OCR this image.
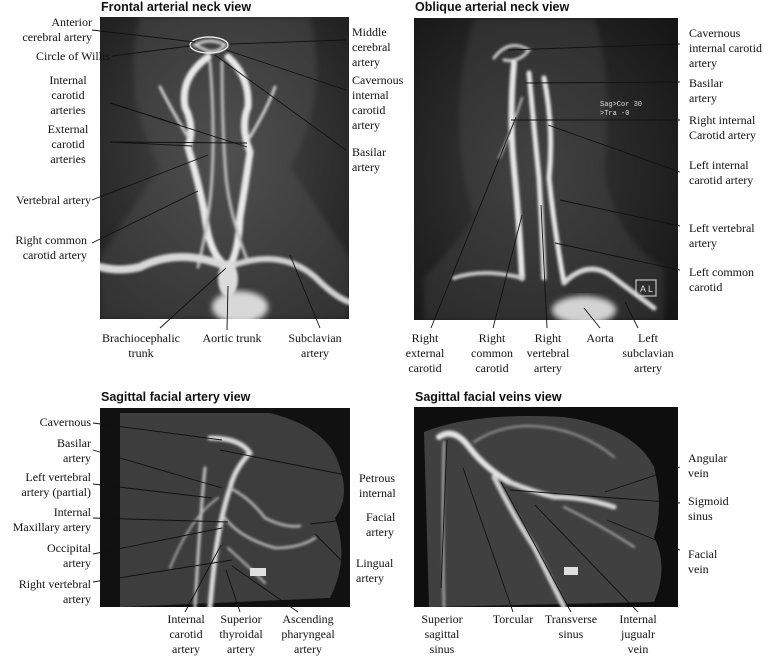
Frontal arterial neck view	Oblique arterial neck view
Sagittal facial artery view	Sagittal facial veins view
Sag>Cor 30
>Tra -0
A L
Anterior
cerebral artery
Circle of Willis
Internal
carotid
arteries
External
carotid
arteries
Vertebral artery
Right common
carotid artery
Middle
cerebral
artery
Cavernous
internal
carotid
artery
Basilar
artery
Brachiocephalic
trunk
Aortic trunk	Subclavian
artery
Cavernous
internal carotid
artery
Basilar
artery
Right internal
Carotid artery
Left internal
carotid artery
Left vertebral
artery
Left common
carotid
Right
external
carotid
Right
common
carotid
Right
vertebral
artery
Aorta	Left
subclavian
artery
Cavernous
Basilar
artery
Left vertebral
artery (partial)
Internal
Maxillary artery
Occipital
artery
Right vertebral
artery
Petrous
internal
Facial
artery
Lingual
artery
Internal
carotid
artery
Superior
thyroidal
artery
Ascending
pharyngeal
artery
Angular
vein
Sigmoid
sinus
Facial
vein
Superior
sagittal
sinus
Torcular Transverse
sinus
Internal
jugualr
vein
